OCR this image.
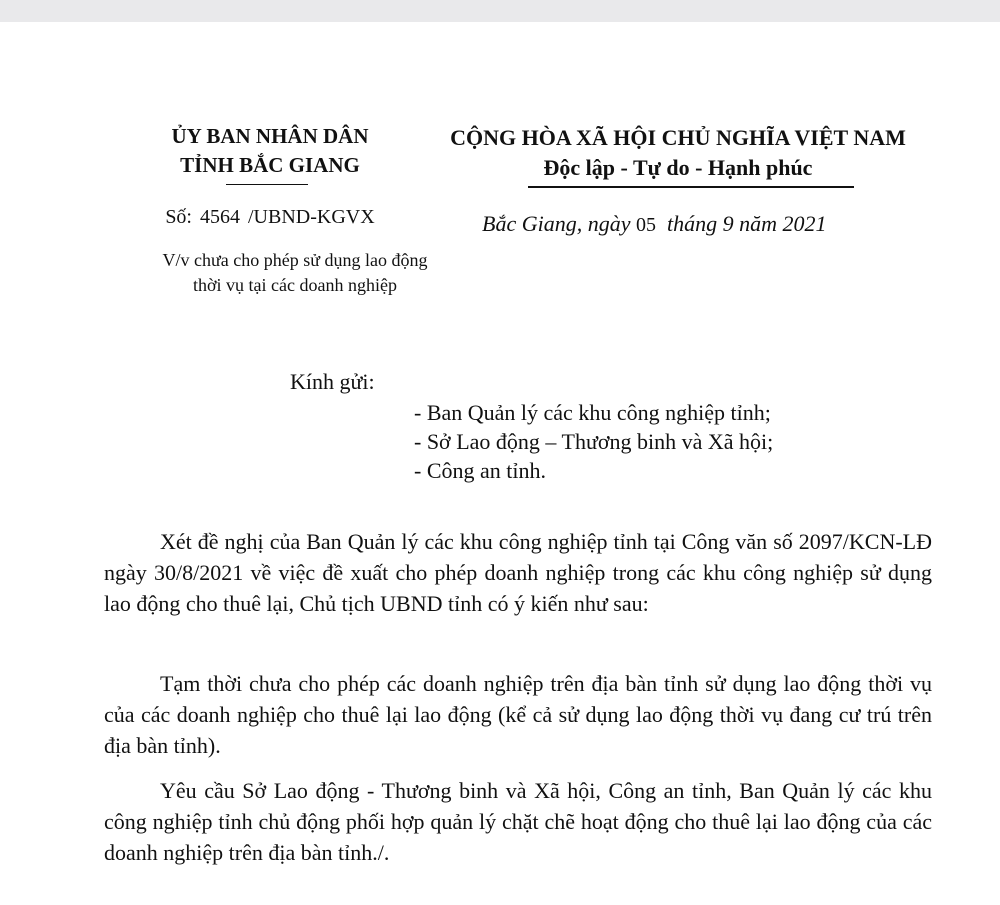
ỦY BAN NHÂN DÂN
TỈNH BẮC GIANG
CỘNG HÒA XÃ HỘI CHỦ NGHĨA VIỆT NAM
Độc lập - Tự do - Hạnh phúc
Số: 4564 /UBND-KGVX	Bắc Giang, ngày 05 tháng 9 năm 2021
V/v chưa cho phép sử dụng lao động
thời vụ tại các doanh nghiệp
Kính gửi:
- Ban Quản lý các khu công nghiệp tỉnh;
- Sở Lao động – Thương binh và Xã hội;
- Công an tỉnh.

Xét đề nghị của Ban Quản lý các khu công nghiệp tỉnh tại Công văn số 2097/KCN-LĐ ngày 30/8/2021 về việc đề xuất cho phép doanh nghiệp trong các khu công nghiệp sử dụng lao động cho thuê lại, Chủ tịch UBND tỉnh có ý kiến như sau:

Tạm thời chưa cho phép các doanh nghiệp trên địa bàn tỉnh sử dụng lao động thời vụ của các doanh nghiệp cho thuê lại lao động (kể cả sử dụng lao động thời vụ đang cư trú trên địa bàn tỉnh).

Yêu cầu Sở Lao động - Thương binh và Xã hội, Công an tỉnh, Ban Quản lý các khu công nghiệp tỉnh chủ động phối hợp quản lý chặt chẽ hoạt động cho thuê lại lao động của các doanh nghiệp trên địa bàn tỉnh./.
